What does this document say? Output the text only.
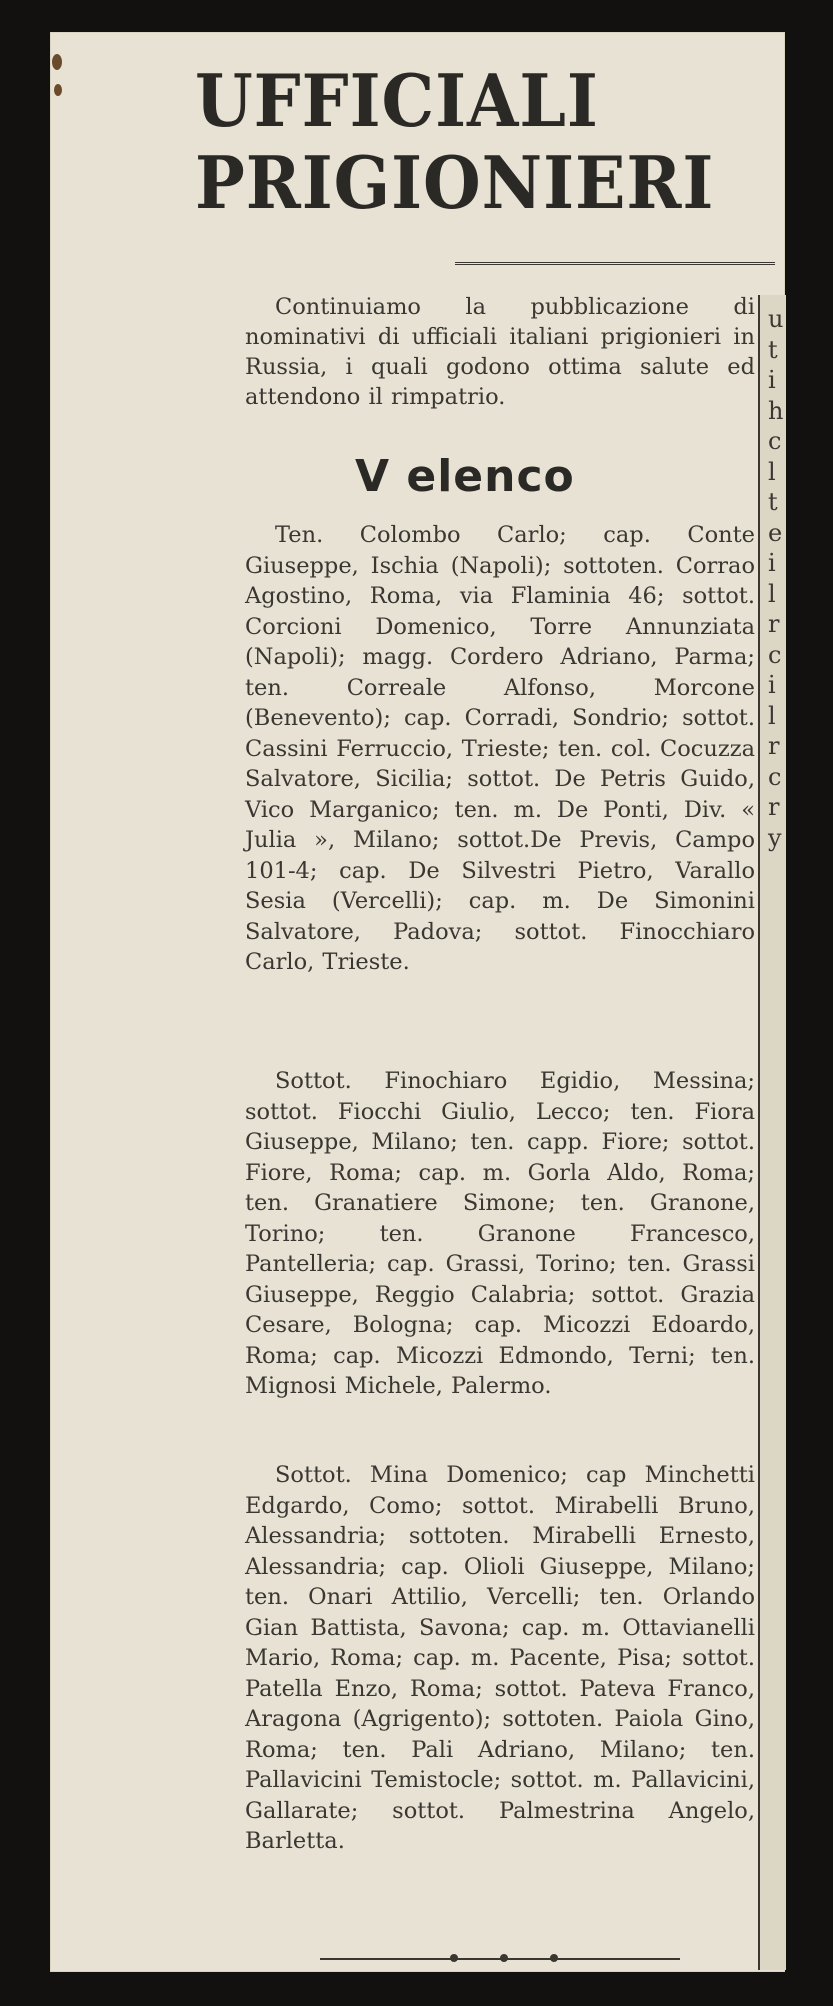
u
t
i
h
c
l
t
e
i
l
r
c
i
l
r
c
r
y
UFFICIALI
PRIGIONIERI

Continuiamo la pubblicazione di nominativi di ufficiali italiani prigionieri in Russia, i quali godono ottima salute ed attendono il rimpatrio.

V elenco

Ten. Colombo Carlo; cap. Conte Giuseppe, Ischia (Napoli); sottoten. Corrao Agostino, Roma, via Flaminia 46; sottot. Corcioni Domenico, Torre Annunziata (Napoli); magg. Cordero Adriano, Parma; ten. Correale Alfonso, Morcone (Benevento); cap. Corradi, Sondrio; sottot. Cassini Ferruccio, Trieste; ten. col. Cocuzza Salvatore, Sicilia; sottot. De Petris Guido, Vico Marganico; ten. m. De Ponti, Div. « Julia », Milano; sottot.De Previs, Campo 101-4; cap. De Silvestri Pietro, Varallo Sesia (Vercelli); cap. m. De Simonini Salvatore, Padova; sottot. Finocchiaro Carlo, Trieste.

Sottot. Finochiaro Egidio, Messina; sottot. Fiocchi Giulio, Lecco; ten. Fiora Giuseppe, Milano; ten. capp. Fiore; sottot. Fiore, Roma; cap. m. Gorla Aldo, Roma; ten. Granatiere Simone; ten. Granone, Torino; ten. Granone Francesco, Pantelleria; cap. Grassi, Torino; ten. Grassi Giuseppe, Reggio Calabria; sottot. Grazia Cesare, Bologna; cap. Micozzi Edoardo, Roma; cap. Micozzi Edmondo, Terni; ten. Mignosi Michele, Palermo.

Sottot. Mina Domenico; cap Minchetti Edgardo, Como; sottot. Mirabelli Bruno, Alessandria; sottoten. Mirabelli Ernesto, Alessandria; cap. Olioli Giuseppe, Milano; ten. Onari Attilio, Vercelli; ten. Orlando Gian Battista, Savona; cap. m. Ottavianelli Mario, Roma; cap. m. Pacente, Pisa; sottot. Patella Enzo, Roma; sottot. Pateva Franco, Aragona (Agrigento); sottoten. Paiola Gino, Roma; ten. Pali Adriano, Milano; ten. Pallavicini Temistocle; sottot. m. Pallavicini, Gallarate; sottot. Palmestrina Angelo, Barletta.
